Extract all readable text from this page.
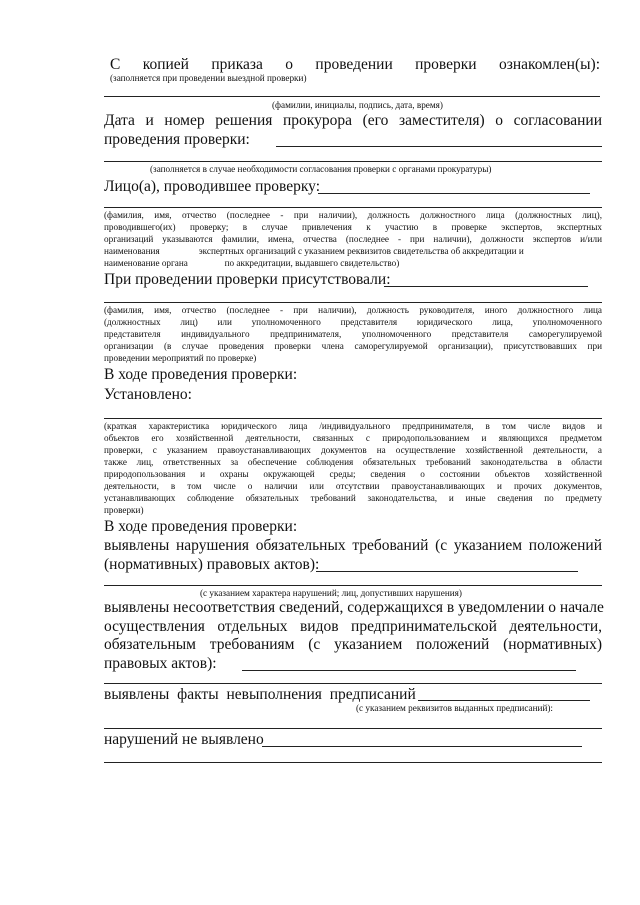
С копией приказа о проведении проверки ознакомлен(ы):
(заполняется при проведении выездной проверки)
(фамилии, инициалы, подпись, дата, время)
Дата и номер решения прокурора (его заместителя) о согласовании
проведения проверки:
(заполняется в случае необходимости согласования проверки с органами прокуратуры)
Лицо(а), проводившее проверку:
(фамилия, имя, отчество (последнее - при наличии), должность должностного лица (должностных лиц),
проводившего(их) проверку; в случае привлечения к участию в проверке экспертов, экспертных
организаций указываются фамилии, имена, отчества (последнее - при наличии), должности экспертов и/или
наименования                 экспертных организаций с указанием реквизитов свидетельства об аккредитации и
наименование органа                по аккредитации, выдавшего свидетельство)
При проведении проверки присутствовали:
(фамилия, имя, отчество (последнее - при наличии), должность руководителя, иного должностного лица
(должностных лиц) или уполномоченного представителя юридического лица, уполномоченного
представителя индивидуального предпринимателя, уполномоченного представителя саморегулируемой
организации (в случае проведения проверки члена саморегулируемой организации), присутствовавших при
проведении мероприятий по проверке)
В ходе проведения проверки:
Установлено:
(краткая характеристика юридического лица /индивидуального предпринимателя, в том числе видов и
объектов его хозяйственной деятельности, связанных с природопользованием и являющихся предметом
проверки, с указанием правоустанавливающих документов на осуществление хозяйственной деятельности, а
также лиц, ответственных за обеспечение соблюдения обязательных требований законодательства в области
природопользования и охраны окружающей среды; сведения о состоянии объектов хозяйственной
деятельности, в том числе о наличии или отсутствии правоустанавливающих и прочих документов,
устанавливающих соблюдение обязательных требований законодательства, и иные сведения по предмету
проверки)
В ходе проведения проверки:
выявлены нарушения обязательных требований (с указанием положений
(нормативных) правовых актов):
(с указанием характера нарушений; лиц, допустивших нарушения)
выявлены несоответствия сведений, содержащихся в уведомлении о начале
осуществления отдельных видов предпринимательской деятельности,
обязательным требованиям (с указанием положений (нормативных)
правовых актов):
выявлены факты невыполнения предписаний
(с указанием реквизитов выданных предписаний):
нарушений не выявлено
